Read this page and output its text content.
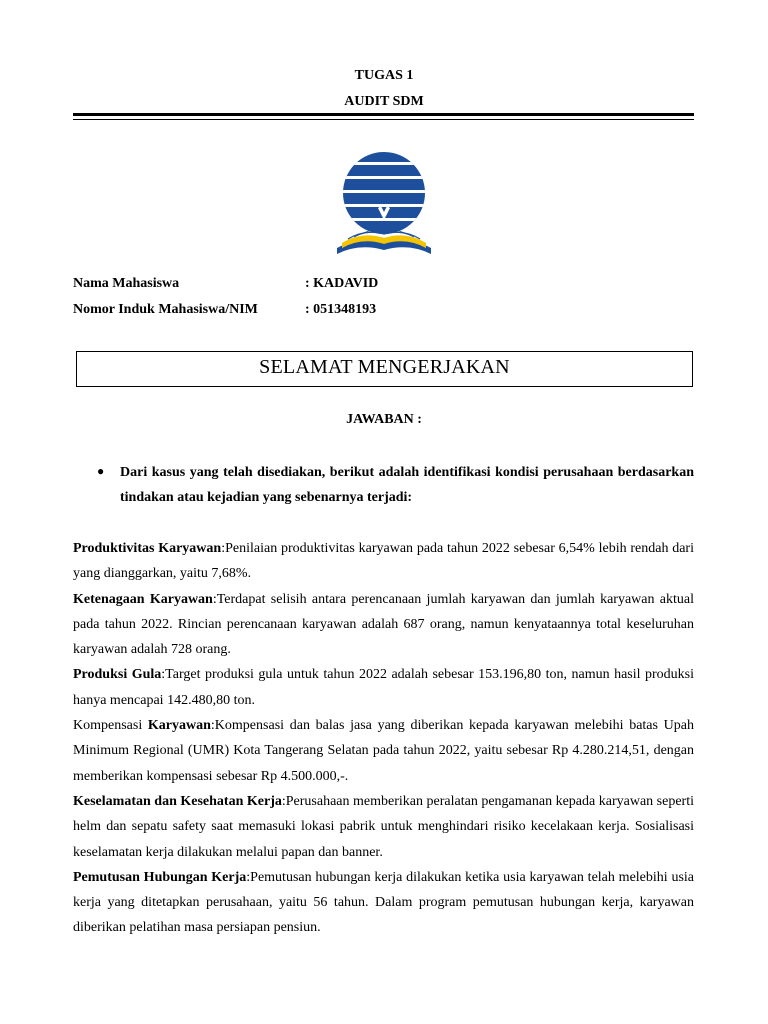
TUGAS 1
AUDIT SDM
Nama Mahasiswa	: KADAVID
Nomor Induk Mahasiswa/NIM	: 051348193
SELAMAT MENGERJAKAN
JAWABAN :
● Dari kasus yang telah disediakan, berikut adalah identifikasi kondisi perusahaan berdasarkan tindakan atau kejadian yang sebenarnya terjadi:

Produktivitas Karyawan:Penilaian produktivitas karyawan pada tahun 2022 sebesar 6,54% lebih rendah dari yang dianggarkan, yaitu 7,68%.

Ketenagaan Karyawan:Terdapat selisih antara perencanaan jumlah karyawan dan jumlah karyawan aktual pada tahun 2022. Rincian perencanaan karyawan adalah 687 orang, namun kenyataannya total keseluruhan karyawan adalah 728 orang.

Produksi Gula:Target produksi gula untuk tahun 2022 adalah sebesar 153.196,80 ton, namun hasil produksi hanya mencapai 142.480,80 ton.

Kompensasi Karyawan:Kompensasi dan balas jasa yang diberikan kepada karyawan melebihi batas Upah Minimum Regional (UMR) Kota Tangerang Selatan pada tahun 2022, yaitu sebesar Rp 4.280.214,51, dengan memberikan kompensasi sebesar Rp 4.500.000,-.

Keselamatan dan Kesehatan Kerja:Perusahaan memberikan peralatan pengamanan kepada karyawan seperti helm dan sepatu safety saat memasuki lokasi pabrik untuk menghindari risiko kecelakaan kerja. Sosialisasi keselamatan kerja dilakukan melalui papan dan banner.

Pemutusan Hubungan Kerja:Pemutusan hubungan kerja dilakukan ketika usia karyawan telah melebihi usia kerja yang ditetapkan perusahaan, yaitu 56 tahun. Dalam program pemutusan hubungan kerja, karyawan diberikan pelatihan masa persiapan pensiun.
